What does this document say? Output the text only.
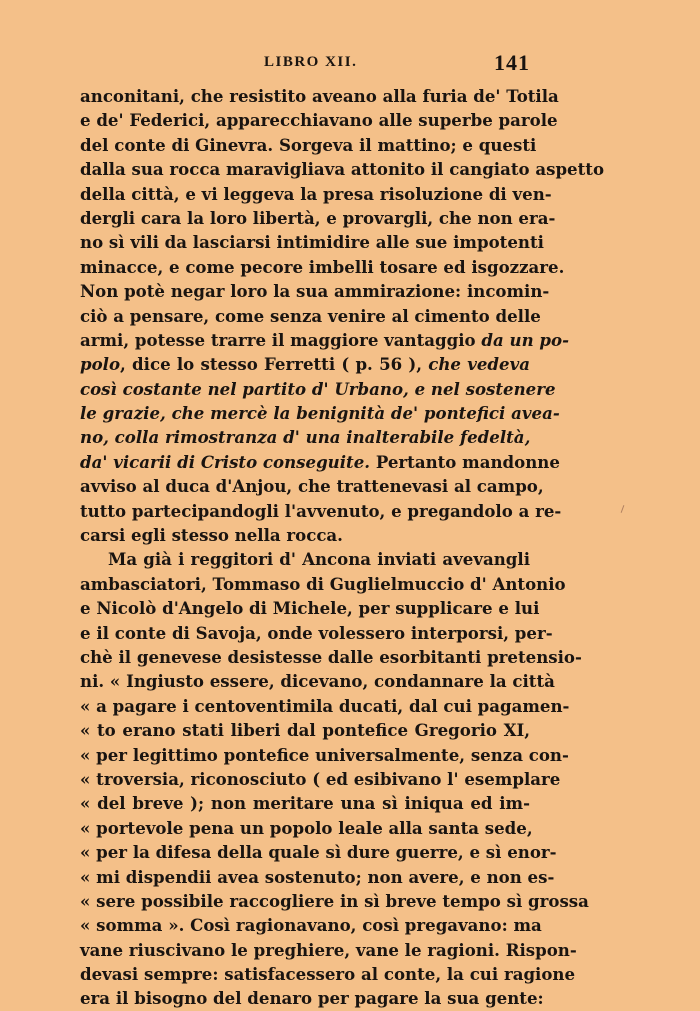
LIBRO XII.	141
anconitani, che resistito aveano alla furia de' Totila
e de' Federici, apparecchiavano alle superbe parole
del conte di Ginevra. Sorgeva il mattino; e questi
dalla sua rocca maravigliava attonito il cangiato aspetto
della città, e vi leggeva la presa risoluzione di ven-
dergli cara la loro libertà, e provargli, che non era-
no sì vili da lasciarsi intimidire alle sue impotenti
minacce, e come pecore imbelli tosare ed isgozzare.
Non potè negar loro la sua ammirazione: incomin-
ciò a pensare, come senza venire al cimento delle
armi, potesse trarre il maggiore vantaggio da un po-
polo, dice lo stesso Ferretti ( p. 56 ), che vedeva
così costante nel partito d' Urbano, e nel sostenere
le grazie, che mercè la benignità de' pontefici avea-
no, colla rimostranza d' una inalterabile fedeltà,
da' vicarii di Cristo conseguite. Pertanto mandonne
avviso al duca d'Anjou, che trattenevasi al campo,
tutto partecipandogli l'avvenuto, e pregandolo a re-
carsi egli stesso nella rocca.
Ma già i reggitori d' Ancona inviati avevangli
ambasciatori, Tommaso di Guglielmuccio d' Antonio
e Nicolò d'Angelo di Michele, per supplicare e lui
e il conte di Savoja, onde volessero interporsi, per-
chè il genevese desistesse dalle esorbitanti pretensio-
ni. « Ingiusto essere, dicevano, condannare la città
« a pagare i centoventimila ducati, dal cui pagamen-
« to erano stati liberi dal pontefice Gregorio XI,
« per legittimo pontefice universalmente, senza con-
« troversia, riconosciuto ( ed esibivano l' esemplare
« del breve ); non meritare una sì iniqua ed im-
« portevole pena un popolo leale alla santa sede,
« per la difesa della quale sì dure guerre, e sì enor-
« mi dispendii avea sostenuto; non avere, e non es-
« sere possibile raccogliere in sì breve tempo sì grossa
« somma ». Così ragionavano, così pregavano: ma
vane riuscivano le preghiere, vane le ragioni. Rispon-
devasi sempre: satisfacessero al conte, la cui ragione
era il bisogno del denaro per pagare la sua gente:
